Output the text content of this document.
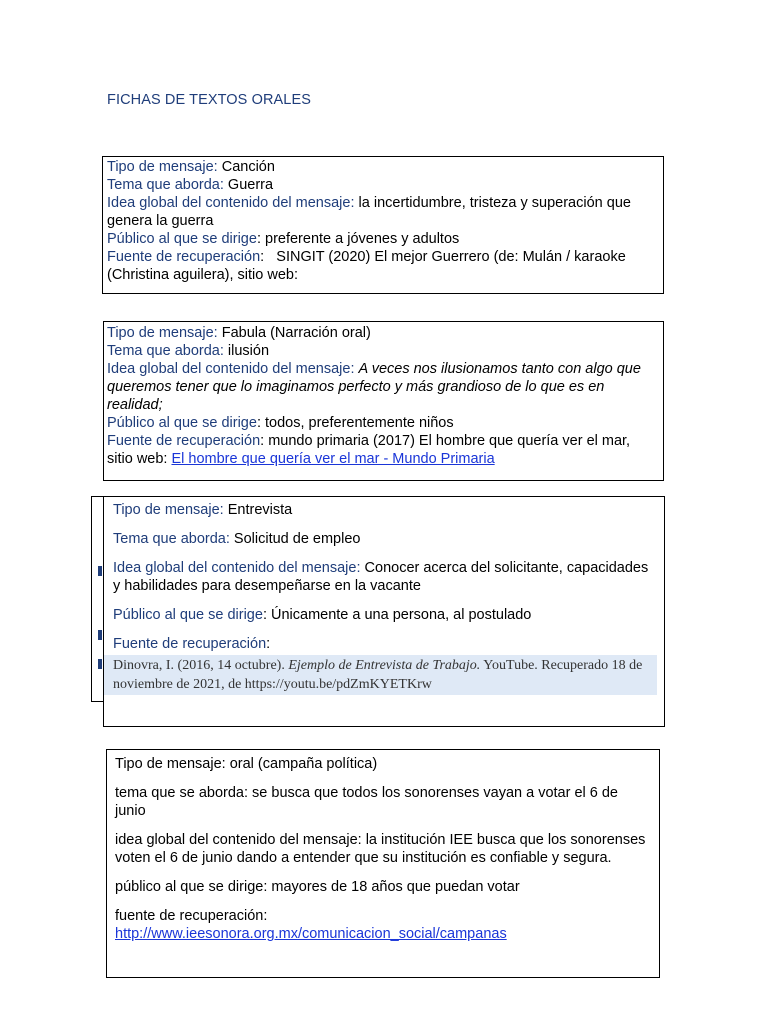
FICHAS DE TEXTOS ORALES
Tipo de mensaje: Canción
Tema que aborda: Guerra
Idea global del contenido del mensaje: la incertidumbre, tristeza y superación que genera la guerra
Público al que se dirige: preferente a jóvenes y adultos
Fuente de recuperación:   SINGIT (2020) El mejor Guerrero (de: Mulán / karaoke (Christina aguilera), sitio web:
Tipo de mensaje: Fabula (Narración oral)
Tema que aborda: ilusión
Idea global del contenido del mensaje: A veces nos ilusionamos tanto con algo que queremos tener que lo imaginamos perfecto y más grandioso de lo que es en realidad;
Público al que se dirige: todos, preferentemente niños
Fuente de recuperación: mundo primaria (2017) El hombre que quería ver el mar, sitio web: El hombre que quería ver el mar - Mundo Primaria

Tipo de mensaje: Entrevista

Tema que aborda: Solicitud de empleo

Idea global del contenido del mensaje: Conocer acerca del solicitante, capacidades y habilidades para desempeñarse en la vacante

Público al que se dirige: Únicamente a una persona, al postulado

Fuente de recuperación:

Dinovra, I. (2016, 14 octubre). Ejemplo de Entrevista de Trabajo. YouTube. Recuperado 18 de noviembre de 2021, de https://youtu.be/pdZmKYETKrw

Tipo de mensaje: oral (campaña política)

tema que se aborda: se busca que todos los sonorenses vayan a votar el 6 de junio

idea global del contenido del mensaje: la institución IEE busca que los sonorenses voten el 6 de junio dando a entender que su institución es confiable y segura.

público al que se dirige: mayores de 18 años que puedan votar

fuente de recuperación:
http://www.ieesonora.org.mx/comunicacion_social/campanas
